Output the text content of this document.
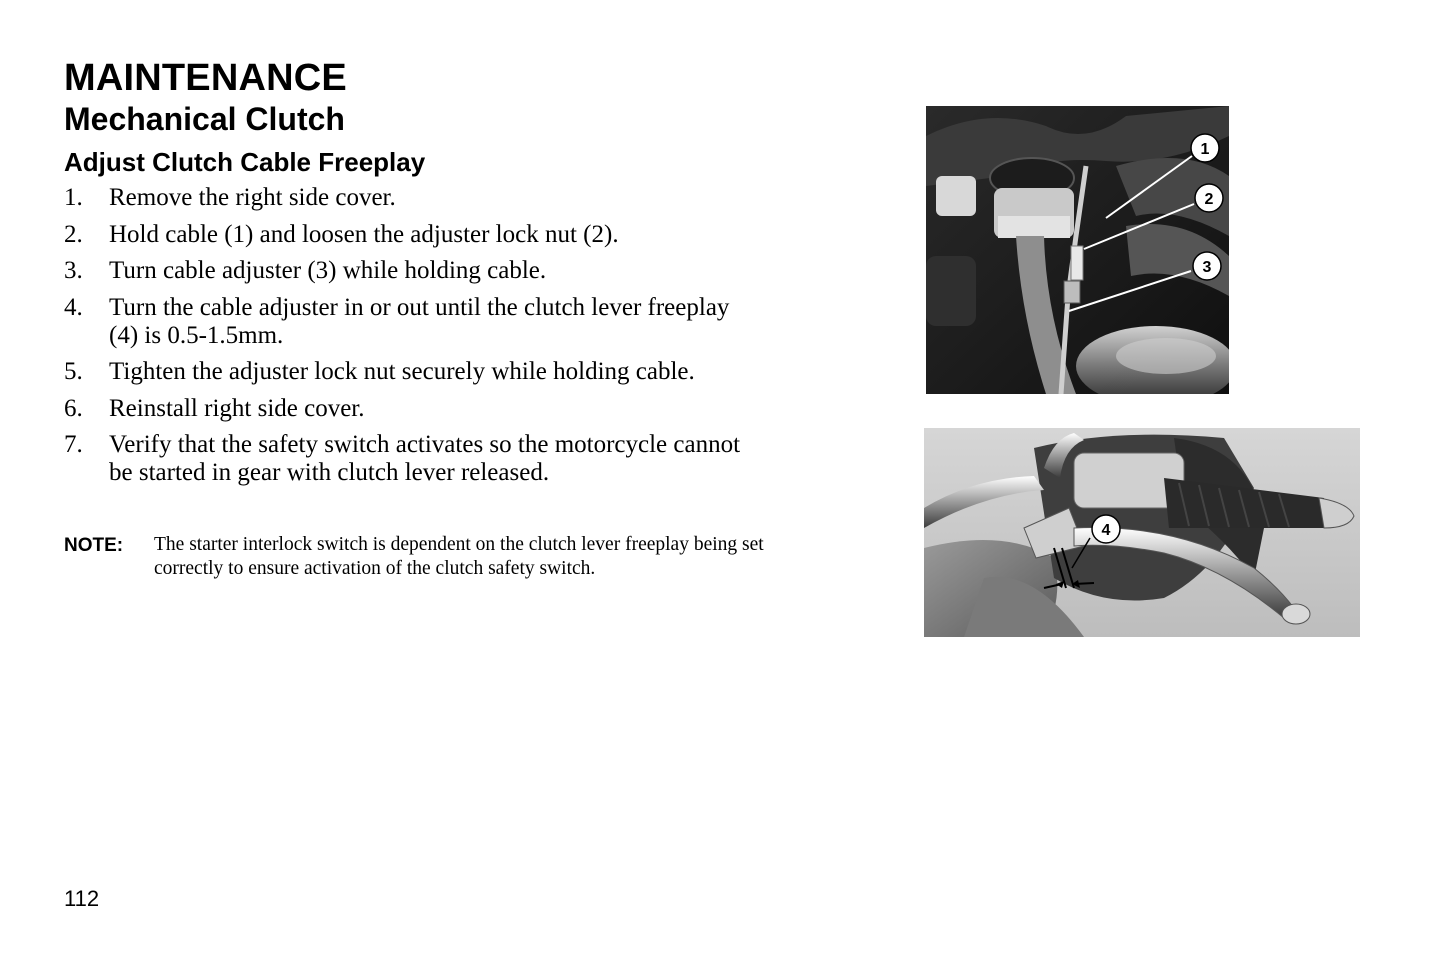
MAINTENANCE
Mechanical Clutch
Adjust Clutch Cable Freeplay
1.	Remove the right side cover.
2.	Hold cable (1) and loosen the adjuster lock nut (2).
3.	Turn cable adjuster (3) while holding cable.
4.	Turn the cable adjuster in or out until the clutch lever freeplay (4) is 0.5-1.5mm.
5.	Tighten the adjuster lock nut securely while holding cable.
6.	Reinstall right side cover.
7.	Verify that the safety switch activates so the motorcycle cannot be started in gear with clutch lever released.
NOTE:	The starter interlock switch is dependent on the clutch lever freeplay being set correctly to ensure activation of the clutch safety switch.
1
2
3
4
112
